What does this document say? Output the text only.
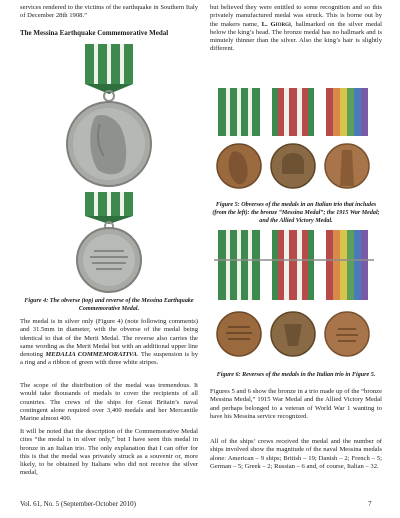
services rendered to the victims of the earthquake in Southern Italy of December 28th 1908.”

The Messina Earthquake Commemorative Medal

Figure 4: The obverse (top) and reverse of the Messina Earthquake Commemorative Medal.

The medal is in silver only (Figure 4) (note following comments) and 31.5mm in diameter, with the obverse of the medal being identical to that of the Merit Medal. The reverse also carries the same wording as the Merit Medal but with an additional upper line denoting MEDALIA COMMEMORATIVA. The suspension is by a ring and a ribbon of green with three white stripes.

The scope of the distribution of the medal was tremendous. It would take thousands of medals to cover the recipients of all countries. The crews of the ships for Great Britain’s naval contingent alone required over 3,400 medals and her Mercantile Marine almost 400.

It will be noted that the description of the Commemorative Medal cites “the medal is in silver only,” but I have seen this medal in bronze in an Italian trio. The only explanation that I can offer for this is that the medal was privately struck as a souvenir or, more likely, to be obtained by Italians who did not receive the silver medal,

but believed they were entitled to some recognition and so this privately manufactured medal was struck. This is borne out by the makers name, L. Giorgi, hallmarked on the silver medal below the king’s head. The bronze medal has no hallmark and is minutely thinner than the silver. Also the king’s hair is slightly different.

Figure 5: Obverses of the medals in an Italian trio that includes (from the left): the bronze “Messina Medal”; the 1915 War Medal; and the Allied Victory Medal.

Figure 6: Reverses of the medals in the Italian trio in Figure 5.

Figures 5 and 6 show the bronze in a trio made up of the “bronze Messina Medal,” 1915 War Medal and the Allied Victory Medal and perhaps belonged to a veteran of World War 1 wanting to have his Messina service recognized.

All of the ships’ crews received the medal and the number of ships involved show the magnitude of the naval Messina medals alone: American – 9 ships; British – 19; Danish – 2; French – 5; German – 5; Greek – 2; Russian – 6 and, of course, Italian – 32.

Vol. 61, No. 5 (September-October 2010)	7
